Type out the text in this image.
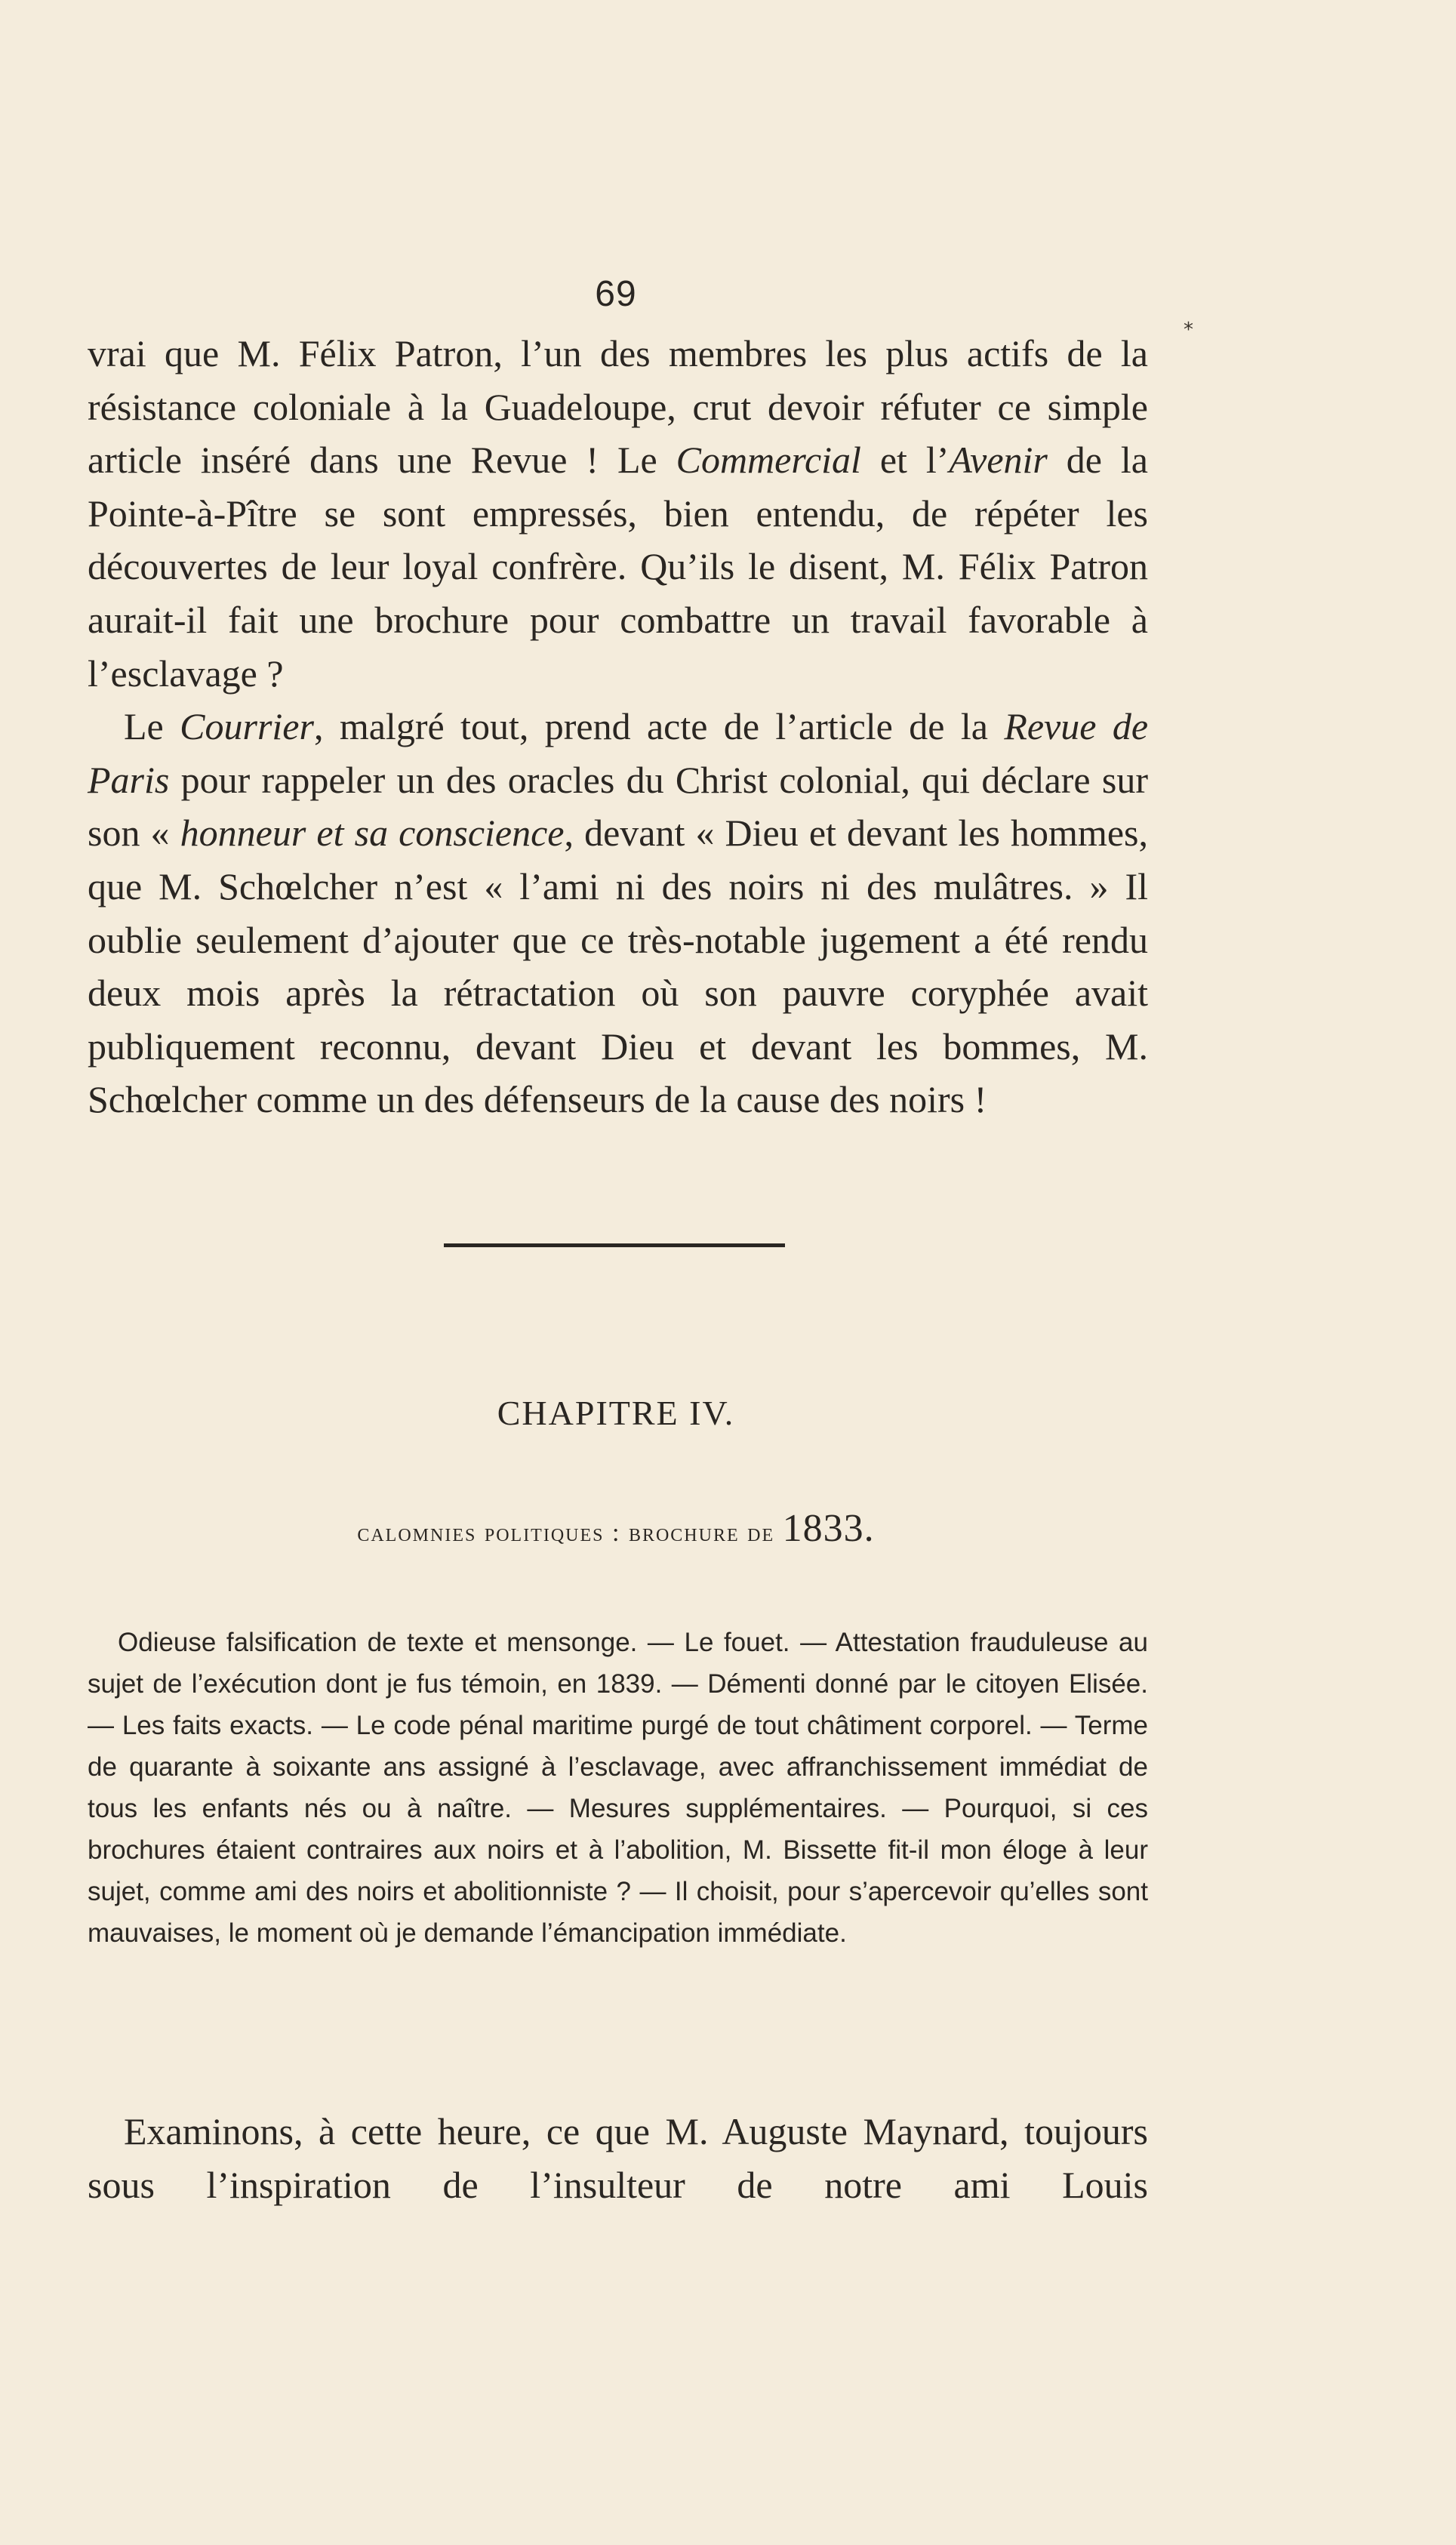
69
*

vrai que M. Félix Patron, l’un des membres les plus actifs de la résistance coloniale à la Guadeloupe, crut devoir réfuter ce simple article inséré dans une Revue ! Le Commercial et l’Avenir de la Pointe-à-Pître se sont empressés, bien entendu, de répéter les découvertes de leur loyal confrère. Qu’ils le disent, M. Félix Patron aurait-il fait une brochure pour combattre un travail favorable à l’esclavage ?

Le Courrier, malgré tout, prend acte de l’article de la Revue de Paris pour rappeler un des oracles du Christ colonial, qui déclare sur son « honneur et sa conscience, devant « Dieu et devant les hommes, que M. Schœlcher n’est « l’ami ni des noirs ni des mulâtres. » Il oublie seulement d’ajouter que ce très-notable jugement a été rendu deux mois après la rétractation où son pauvre coryphée avait publiquement reconnu, devant Dieu et devant les bommes, M. Schœlcher comme un des défenseurs de la cause des noirs !

CHAPITRE IV.
calomnies politiques : brochure de 1833.

Odieuse falsification de texte et mensonge. — Le fouet. — Attestation frauduleuse au sujet de l’exécution dont je fus témoin, en 1839. — Démenti donné par le citoyen Elisée. — Les faits exacts. — Le code pénal maritime purgé de tout châtiment corporel. — Terme de quarante à soixante ans assigné à l’esclavage, avec affranchissement immédiat de tous les enfants nés ou à naître. — Mesures supplémentaires. — Pourquoi, si ces brochures étaient contraires aux noirs et à l’abolition, M. Bissette fit-il mon éloge à leur sujet, comme ami des noirs et abolitionniste ? — Il choisit, pour s’apercevoir qu’elles sont mauvaises, le moment où je demande l’émancipation immédiate.

Examinons, à cette heure, ce que M. Auguste Maynard, toujours sous l’inspiration de l’insulteur de notre ami Louis
